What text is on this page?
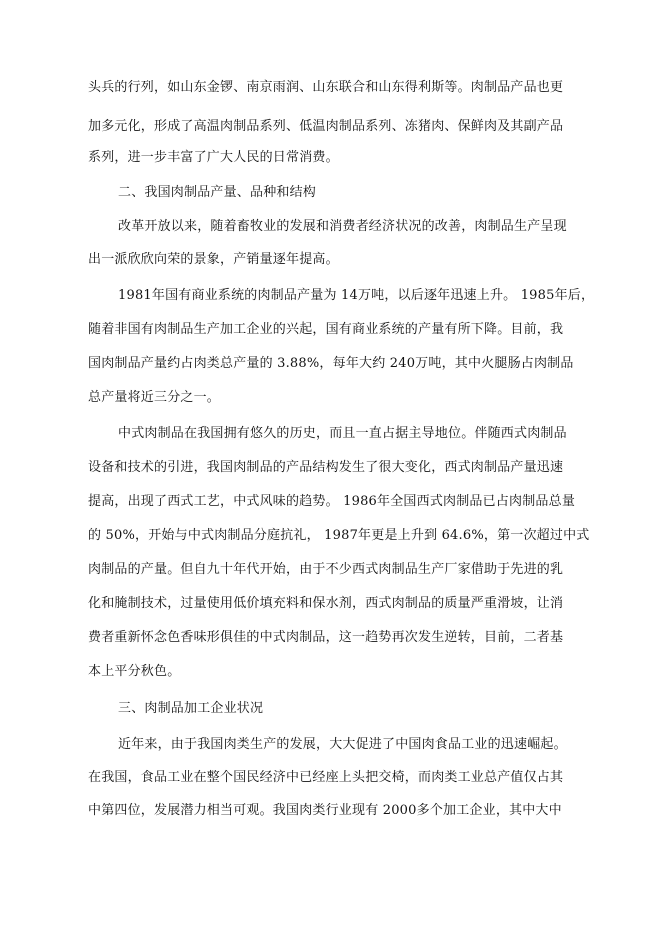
头兵的行列，如山东金锣、南京雨润、山东联合和山东得利斯等。肉制品产品也更
加多元化，形成了高温肉制品系列、低温肉制品系列、冻猪肉、保鲜肉及其副产品
系列，进一步丰富了广大人民的日常消费。
二、我国肉制品产量、品种和结构
改革开放以来，随着畜牧业的发展和消费者经济状况的改善，肉制品生产呈现
出一派欣欣向荣的景象，产销量逐年提高。
1981年国有商业系统的肉制品产量为 14万吨，以后逐年迅速上升。 1985年后，
随着非国有肉制品生产加工企业的兴起，国有商业系统的产量有所下降。目前，我
国肉制品产量约占肉类总产量的 3.88%，每年大约 240万吨，其中火腿肠占肉制品
总产量将近三分之一。
中式肉制品在我国拥有悠久的历史，而且一直占据主导地位。伴随西式肉制品
设备和技术的引进，我国肉制品的产品结构发生了很大变化，西式肉制品产量迅速
提高，出现了西式工艺，中式风味的趋势。 1986年全国西式肉制品已占肉制品总量
的 50%，开始与中式肉制品分庭抗礼， 1987年更是上升到 64.6%，第一次超过中式
肉制品的产量。但自九十年代开始，由于不少西式肉制品生产厂家借助于先进的乳
化和腌制技术，过量使用低价填充料和保水剂，西式肉制品的质量严重滑坡，让消
费者重新怀念色香味形俱佳的中式肉制品，这一趋势再次发生逆转，目前，二者基
本上平分秋色。
三、肉制品加工企业状况
近年来，由于我国肉类生产的发展，大大促进了中国肉食品工业的迅速崛起。
在我国，食品工业在整个国民经济中已经座上头把交椅，而肉类工业总产值仅占其
中第四位，发展潜力相当可观。我国肉类行业现有 2000多个加工企业，其中大中
